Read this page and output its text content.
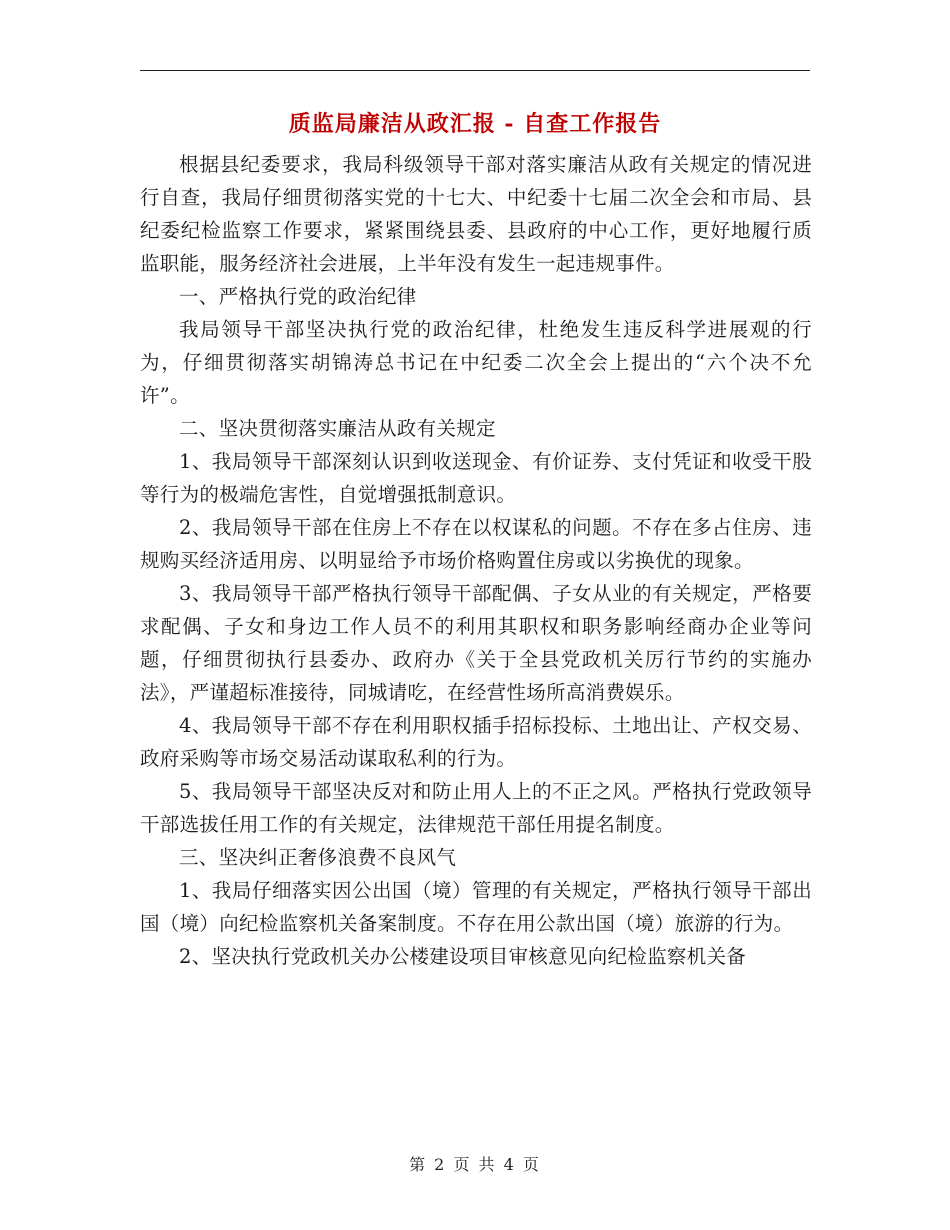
质监局廉洁从政汇报 - 自查工作报告

根据县纪委要求，我局科级领导干部对落实廉洁从政有关规定的情况进行自查，我局仔细贯彻落实党的十七大、中纪委十七届二次全会和市局、县纪委纪检监察工作要求，紧紧围绕县委、县政府的中心工作，更好地履行质监职能，服务经济社会进展，上半年没有发生一起违规事件。

一、严格执行党的政治纪律

我局领导干部坚决执行党的政治纪律，杜绝发生违反科学进展观的行为，仔细贯彻落实胡锦涛总书记在中纪委二次全会上提出的“六个决不允许”。

二、坚决贯彻落实廉洁从政有关规定

1、我局领导干部深刻认识到收送现金、有价证券、支付凭证和收受干股等行为的极端危害性，自觉增强抵制意识。

2、我局领导干部在住房上不存在以权谋私的问题。不存在多占住房、违规购买经济适用房、以明显给予市场价格购置住房或以劣换优的现象。

3、我局领导干部严格执行领导干部配偶、子女从业的有关规定，严格要求配偶、子女和身边工作人员不的利用其职权和职务影响经商办企业等问题，仔细贯彻执行县委办、政府办《关于全县党政机关厉行节约的实施办法》，严谨超标准接待，同城请吃，在经营性场所高消费娱乐。

4、我局领导干部不存在利用职权插手招标投标、土地出让、产权交易、政府采购等市场交易活动谋取私利的行为。

5、我局领导干部坚决反对和防止用人上的不正之风。严格执行党政领导干部选拔任用工作的有关规定，法律规范干部任用提名制度。

三、坚决纠正奢侈浪费不良风气

1、我局仔细落实因公出国（境）管理的有关规定，严格执行领导干部出国（境）向纪检监察机关备案制度。不存在用公款出国（境）旅游的行为。

2、坚决执行党政机关办公楼建设项目审核意见向纪检监察机关备

第 2 页 共 4 页
